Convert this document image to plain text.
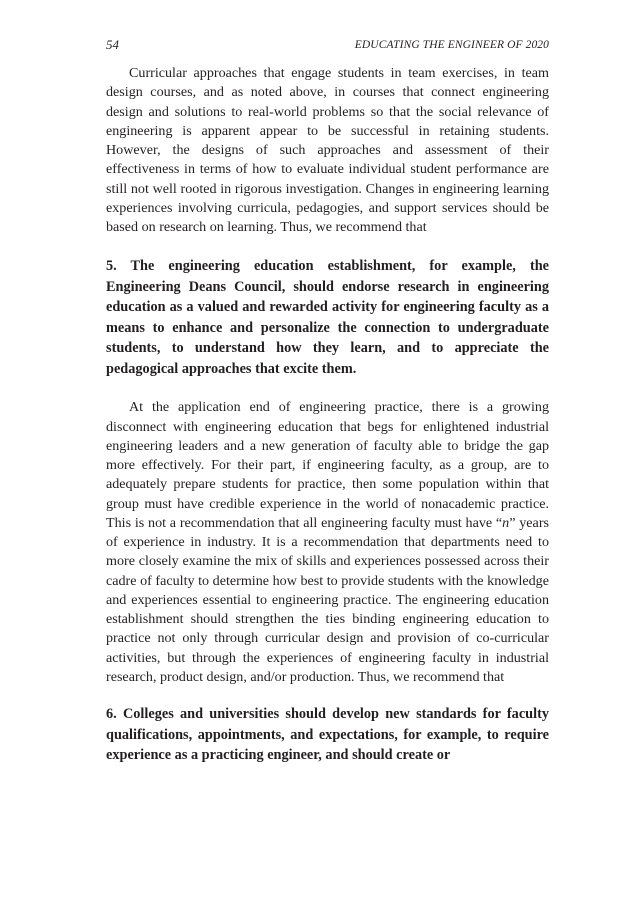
54	EDUCATING THE ENGINEER OF 2020

Curricular approaches that engage students in team exercises, in team design courses, and as noted above, in courses that connect engineering design and solutions to real-world problems so that the social relevance of engineering is apparent appear to be successful in retaining students. However, the designs of such approaches and assessment of their effectiveness in terms of how to evaluate individual student performance are still not well rooted in rigorous investigation. Changes in engineering learning experiences involving curricula, pedagogies, and support services should be based on research on learning. Thus, we recommend that

5. The engineering education establishment, for example, the Engineering Deans Council, should endorse research in engineering education as a valued and rewarded activity for engineering faculty as a means to enhance and personalize the connection to undergraduate students, to understand how they learn, and to appreciate the pedagogical approaches that excite them.

At the application end of engineering practice, there is a growing disconnect with engineering education that begs for enlightened industrial engineering leaders and a new generation of faculty able to bridge the gap more effectively. For their part, if engineering faculty, as a group, are to adequately prepare students for practice, then some population within that group must have credible experience in the world of nonacademic practice. This is not a recommendation that all engineering faculty must have “n” years of experience in industry. It is a recommendation that departments need to more closely examine the mix of skills and experiences possessed across their cadre of faculty to determine how best to provide students with the knowledge and experiences essential to engineering practice. The engineering education establishment should strengthen the ties binding engineering education to practice not only through curricular design and provision of co-curricular activities, but through the experiences of engineering faculty in industrial research, product design, and/or production. Thus, we recommend that

6. Colleges and universities should develop new standards for faculty qualifications, appointments, and expectations, for example, to require experience as a practicing engineer, and should create or
